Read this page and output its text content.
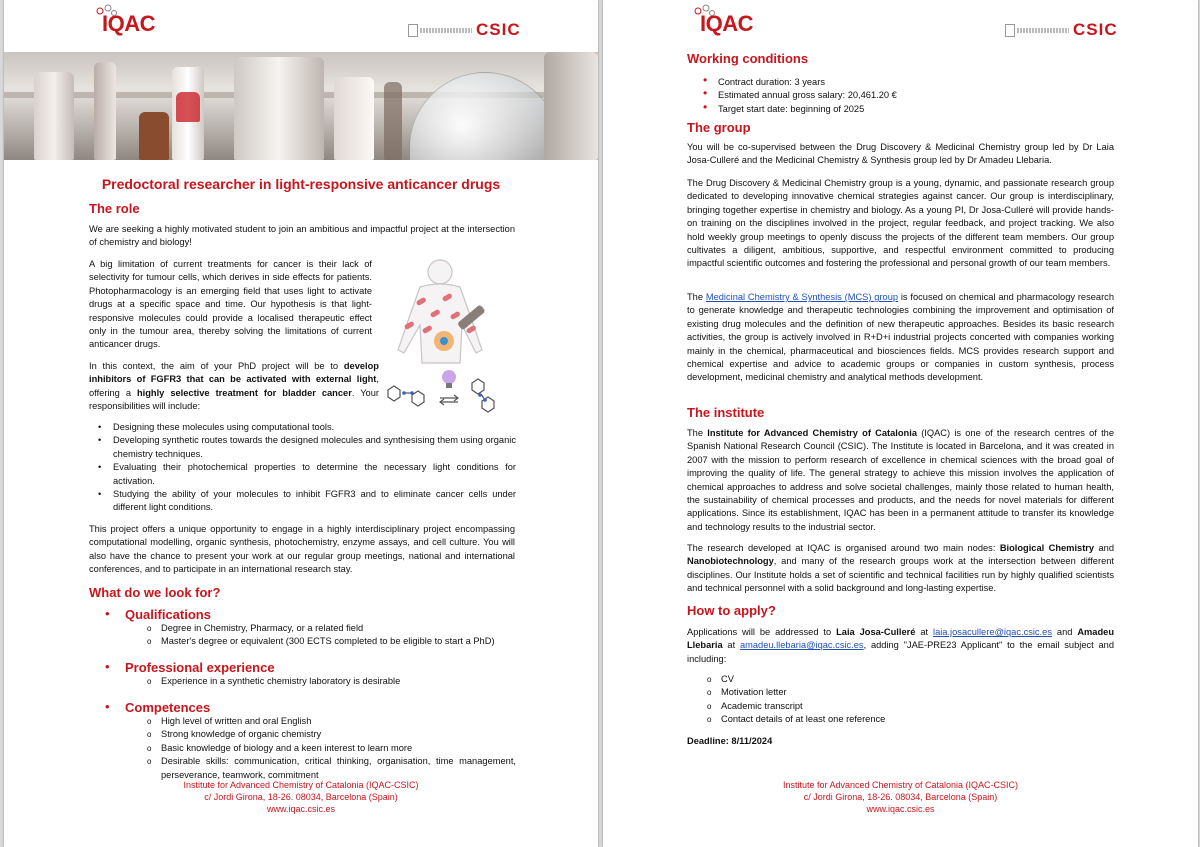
IQAC	CSIC
Predoctoral researcher in light-responsive anticancer drugs
The role

We are seeking a highly motivated student to join an ambitious and impactful project at the intersection of chemistry and biology!

A big limitation of current treatments for cancer is their lack of selectivity for tumour cells, which derives in side effects for patients. Photopharmacology is an emerging field that uses light to activate drugs at a specific space and time. Our hypothesis is that light-responsive molecules could provide a localised therapeutic effect only in the tumour area, thereby solving the limitations of current anticancer drugs.

In this context, the aim of your PhD project will be to develop inhibitors of FGFR3 that can be activated with external light, offering a highly selective treatment for bladder cancer. Your responsibilities will include:

• Designing these molecules using computational tools.
• Developing synthetic routes towards the designed molecules and synthesising them using organic chemistry techniques.
• Evaluating their photochemical properties to determine the necessary light conditions for activation.
• Studying the ability of your molecules to inhibit FGFR3 and to eliminate cancer cells under different light conditions.

This project offers a unique opportunity to engage in a highly interdisciplinary project encompassing computational modelling, organic synthesis, photochemistry, enzyme assays, and cell culture. You will also have the chance to present your work at our regular group meetings, national and international conferences, and to participate in an international research stay.

What do we look for?
• Qualifications
o Degree in Chemistry, Pharmacy, or a related field
o Master's degree or equivalent (300 ECTS completed to be eligible to start a PhD)
• Professional experience
o Experience in a synthetic chemistry laboratory is desirable
• Competences
o High level of written and oral English
o Strong knowledge of organic chemistry
o Basic knowledge of biology and a keen interest to learn more
o Desirable skills: communication, critical thinking, organisation, time management, perseverance, teamwork, commitment
Institute for Advanced Chemistry of Catalonia (IQAC-CSIC)
c/ Jordi Girona, 18-26. 08034, Barcelona (Spain)
www.iqac.csic.es
IQAC	CSIC
Working conditions
• Contract duration: 3 years
• Estimated annual gross salary: 20,461.20 €
• Target start date: beginning of 2025
The group

You will be co-supervised between the Drug Discovery & Medicinal Chemistry group led by Dr Laia Josa-Culleré and the Medicinal Chemistry & Synthesis group led by Dr Amadeu Llebaria.

The Drug Discovery & Medicinal Chemistry group is a young, dynamic, and passionate research group dedicated to developing innovative chemical strategies against cancer. Our group is interdisciplinary, bringing together expertise in chemistry and biology. As a young PI, Dr Josa-Culleré will provide hands-on training on the disciplines involved in the project, regular feedback, and project tracking. We also hold weekly group meetings to openly discuss the projects of the different team members. Our group cultivates a diligent, ambitious, supportive, and respectful environment committed to producing impactful scientific outcomes and fostering the professional and personal growth of our team members.

The Medicinal Chemistry & Synthesis (MCS) group is focused on chemical and pharmacology research to generate knowledge and therapeutic technologies combining the improvement and optimisation of existing drug molecules and the definition of new therapeutic approaches. Besides its basic research activities, the group is actively involved in R+D+i industrial projects concerted with companies working mainly in the chemical, pharmaceutical and biosciences fields. MCS provides research support and chemical expertise and advice to academic groups or companies in custom synthesis, process development, medicinal chemistry and analytical methods development.

The institute

The Institute for Advanced Chemistry of Catalonia (IQAC) is one of the research centres of the Spanish National Research Council (CSIC). The Institute is located in Barcelona, and it was created in 2007 with the mission to perform research of excellence in chemical sciences with the broad goal of improving the quality of life. The general strategy to achieve this mission involves the application of chemical approaches to address and solve societal challenges, mainly those related to human health, the sustainability of chemical processes and products, and the needs for novel materials for different applications. Since its establishment, IQAC has been in a permanent attitude to transfer its knowledge and technology results to the industrial sector.

The research developed at IQAC is organised around two main nodes: Biological Chemistry and Nanobiotechnology, and many of the research groups work at the intersection between different disciplines. Our Institute holds a set of scientific and technical facilities run by highly qualified scientists and technical personnel with a solid background and long-lasting expertise.

How to apply?

Applications will be addressed to Laia Josa-Culleré at laia.josacullere@iqac.csic.es and Amadeu Llebaria at amadeu.llebaria@iqac.csic.es, adding "JAE-PRE23 Applicant" to the email subject and including:

o CV
o Motivation letter
o Academic transcript
o Contact details of at least one reference

Deadline: 8/11/2024

Institute for Advanced Chemistry of Catalonia (IQAC-CSIC)
c/ Jordi Girona, 18-26. 08034, Barcelona (Spain)
www.iqac.csic.es
